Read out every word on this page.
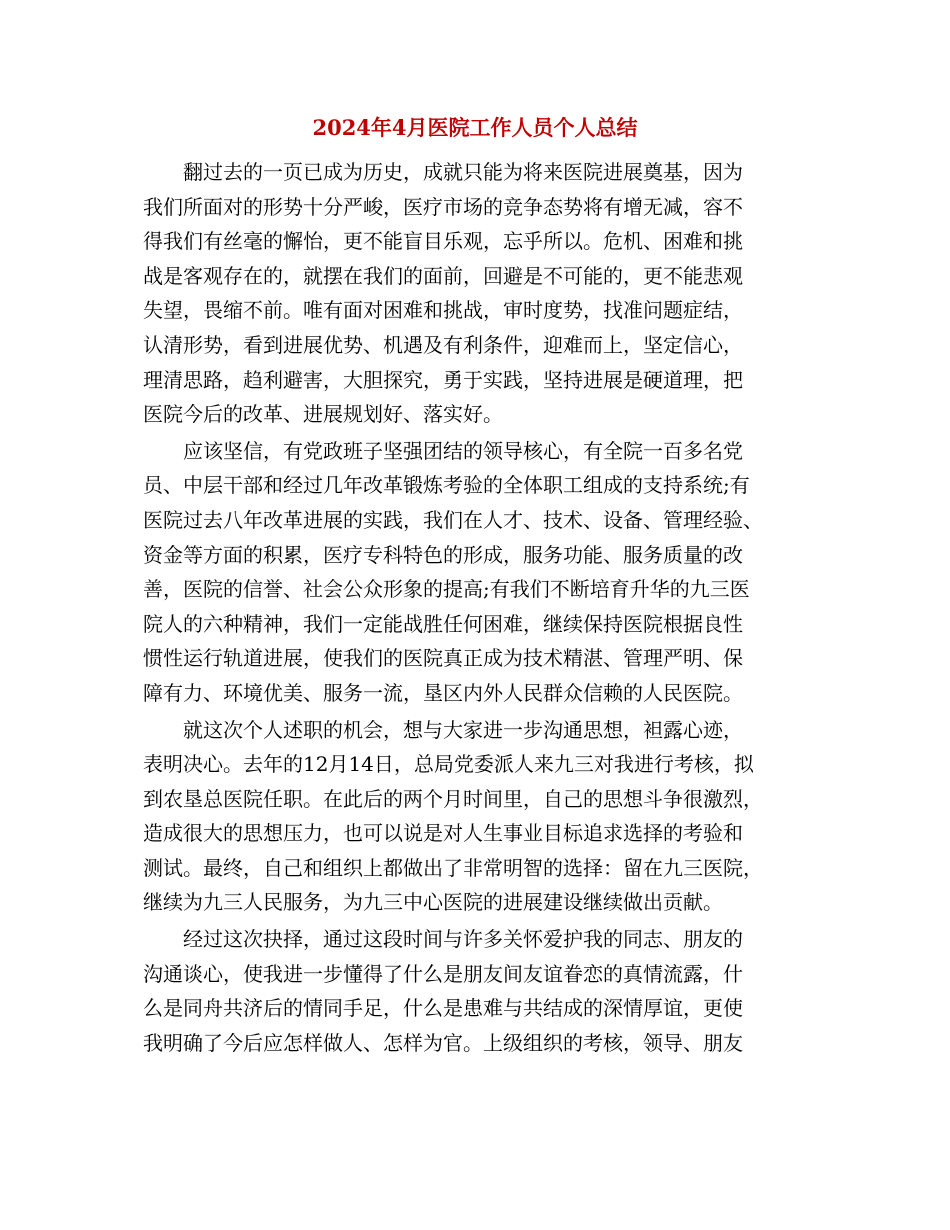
2024年4月医院工作人员个人总结

翻过去的一页已成为历史，成就只能为将来医院进展奠基，因为
我们所面对的形势十分严峻，医疗市场的竞争态势将有增无减，容不
得我们有丝毫的懈怡，更不能盲目乐观，忘乎所以。危机、困难和挑
战是客观存在的，就摆在我们的面前，回避是不可能的，更不能悲观
失望，畏缩不前。唯有面对困难和挑战，审时度势，找准问题症结，
认清形势，看到进展优势、机遇及有利条件，迎难而上，坚定信心，
理清思路，趋利避害，大胆探究，勇于实践，坚持进展是硬道理，把
医院今后的改革、进展规划好、落实好。

应该坚信，有党政班子坚强团结的领导核心，有全院一百多名党
员、中层干部和经过几年改革锻炼考验的全体职工组成的支持系统;有
医院过去八年改革进展的实践，我们在人才、技术、设备、管理经验、
资金等方面的积累，医疗专科特色的形成，服务功能、服务质量的改
善，医院的信誉、社会公众形象的提高;有我们不断培育升华的九三医
院人的六种精神，我们一定能战胜任何困难，继续保持医院根据良性
惯性运行轨道进展，使我们的医院真正成为技术精湛、管理严明、保
障有力、环境优美、服务一流，垦区内外人民群众信赖的人民医院。

就这次个人述职的机会，想与大家进一步沟通思想，袒露心迹，
表明决心。去年的12月14日，总局党委派人来九三对我进行考核，拟
到农垦总医院任职。在此后的两个月时间里，自己的思想斗争很激烈，
造成很大的思想压力，也可以说是对人生事业目标追求选择的考验和
测试。最终，自己和组织上都做出了非常明智的选择：留在九三医院，
继续为九三人民服务，为九三中心医院的进展建设继续做出贡献。

经过这次抉择，通过这段时间与许多关怀爱护我的同志、朋友的
沟通谈心，使我进一步懂得了什么是朋友间友谊眷恋的真情流露，什
么是同舟共济后的情同手足，什么是患难与共结成的深情厚谊，更使
我明确了今后应怎样做人、怎样为官。上级组织的考核，领导、朋友
